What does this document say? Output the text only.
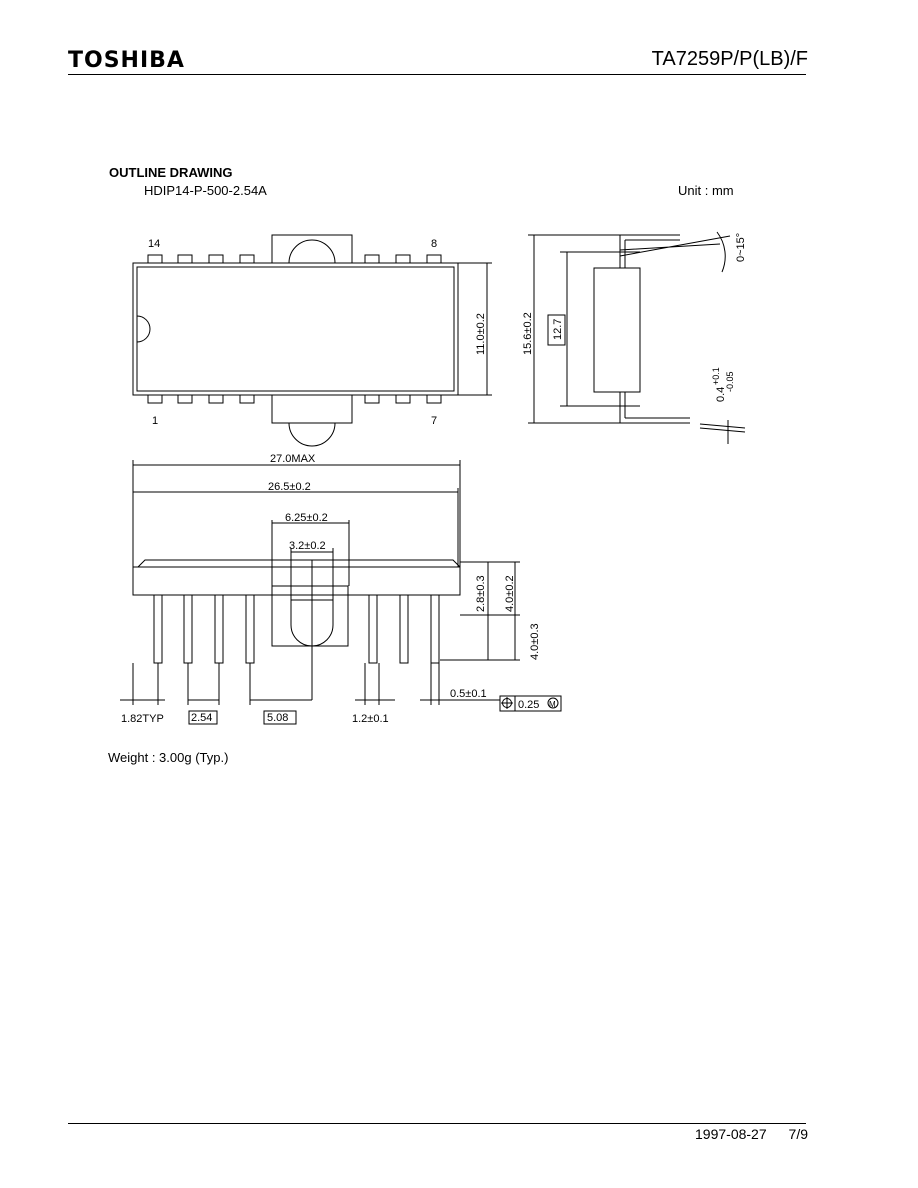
TOSHIBA	TA7259P/P(LB)/F
OUTLINE DRAWING
HDIP14-P-500-2.54A	Unit : mm
14	8
1	7
11.0±0.2	15.6±0.2 12.7
0~15°
0.4
+0.1 -0.05
27.0MAX
26.5±0.2
6.25±0.2
3.2±0.2
2.8±0.3 4.0±0.2
4.0±0.3
0.5±0.1
0.25 M
1.82TYP 2.54	5.08	1.2±0.1
Weight : 3.00g (Typ.)
1997-08-27 7/9
